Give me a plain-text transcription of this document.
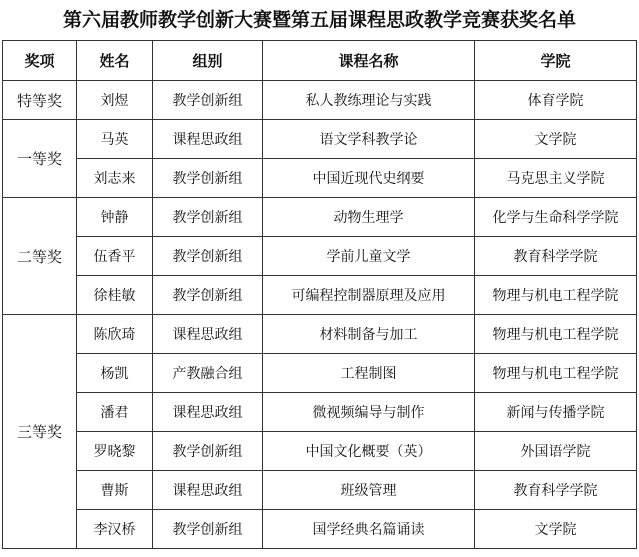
第六届教师教学创新大赛暨第五届课程思政教学竞赛获奖名单
奖项	姓名	组别	课程名称	学院
特等奖	刘煜	教学创新组	私人教练理论与实践	体育学院
一等奖	马英	课程思政组	语文学科教学论	文学院
	刘志来	教学创新组	中国近现代史纲要	马克思主义学院
二等奖	钟静	教学创新组	动物生理学	化学与生命科学学院
	伍香平	教学创新组	学前儿童文学	教育科学学院
	徐桂敏	教学创新组	可编程控制器原理及应用	物理与机电工程学院
三等奖	陈欣琦	课程思政组	材料制备与加工	物理与机电工程学院
	杨凯	产教融合组	工程制图	物理与机电工程学院
	潘君	课程思政组	微视频编导与制作	新闻与传播学院
	罗晓黎	教学创新组	中国文化概要（英）	外国语学院
	曹斯	课程思政组	班级管理	教育科学学院
	李汉桥	教学创新组	国学经典名篇诵读	文学院
